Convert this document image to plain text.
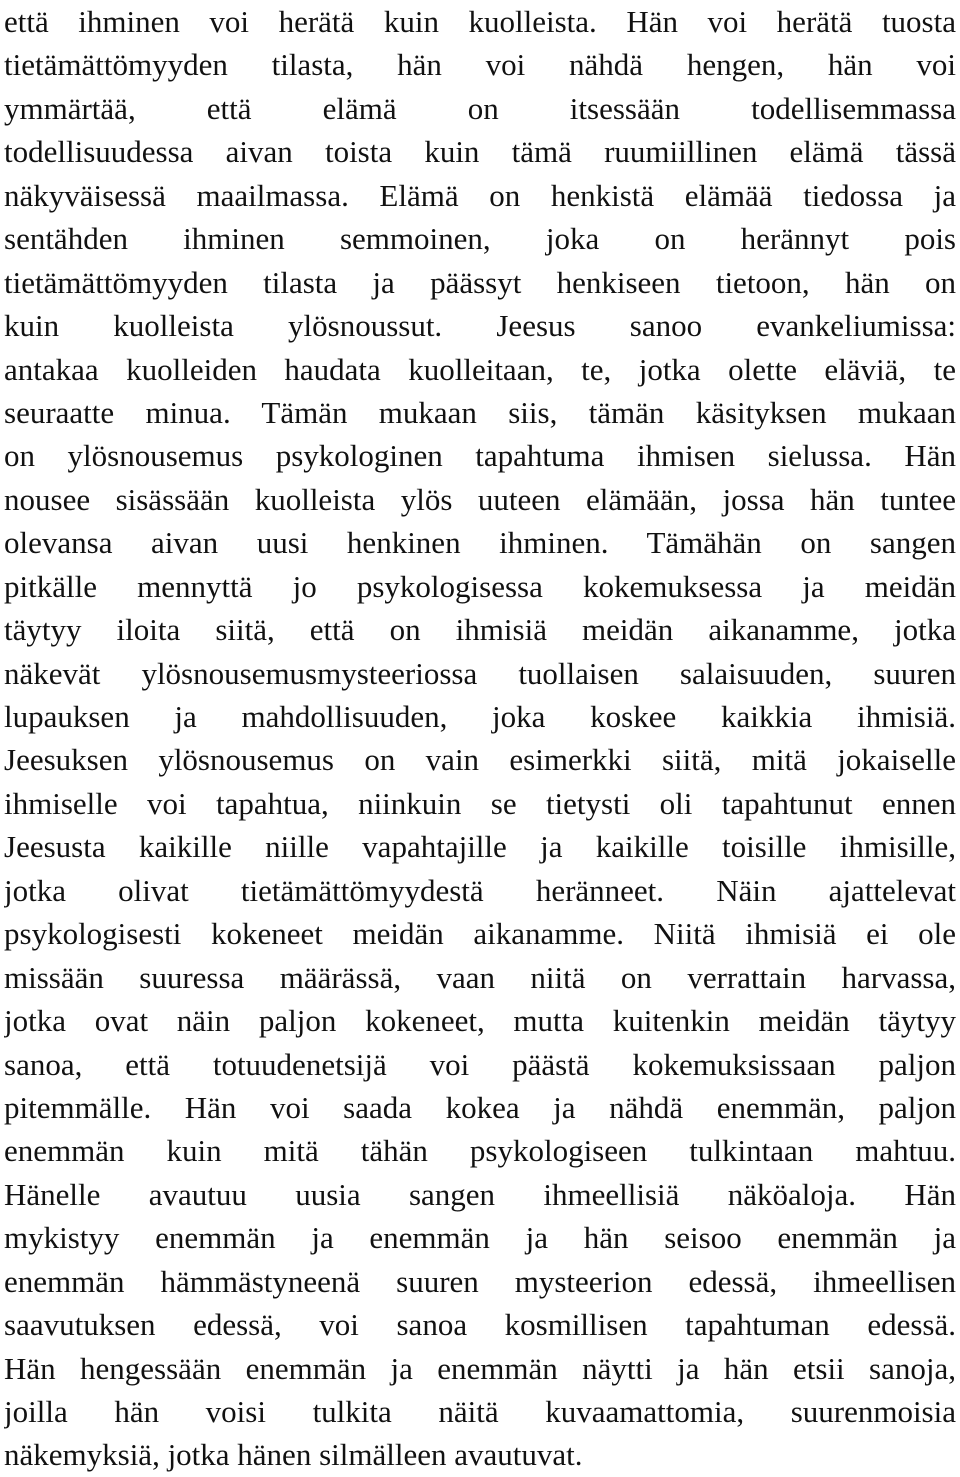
että ihminen voi herätä kuin kuolleista. Hän voi herätä tuosta
tietämättömyyden tilasta, hän voi nähdä hengen, hän voi
ymmärtää, että elämä on itsessään todellisemmassa
todellisuudessa aivan toista kuin tämä ruumiillinen elämä tässä
näkyväisessä maailmassa. Elämä on henkistä elämää tiedossa ja
sentähden ihminen semmoinen, joka on herännyt pois
tietämättömyyden tilasta ja päässyt henkiseen tietoon, hän on
kuin kuolleista ylösnoussut. Jeesus sanoo evankeliumissa:
antakaa kuolleiden haudata kuolleitaan, te, jotka olette eläviä, te
seuraatte minua. Tämän mukaan siis, tämän käsityksen mukaan
on ylösnousemus psykologinen tapahtuma ihmisen sielussa. Hän
nousee sisässään kuolleista ylös uuteen elämään, jossa hän tuntee
olevansa aivan uusi henkinen ihminen. Tämähän on sangen
pitkälle mennyttä jo psykologisessa kokemuksessa ja meidän
täytyy iloita siitä, että on ihmisiä meidän aikanamme, jotka
näkevät ylösnousemusmysteeriossa tuollaisen salaisuuden, suuren
lupauksen ja mahdollisuuden, joka koskee kaikkia ihmisiä.
Jeesuksen ylösnousemus on vain esimerkki siitä, mitä jokaiselle
ihmiselle voi tapahtua, niinkuin se tietysti oli tapahtunut ennen
Jeesusta kaikille niille vapahtajille ja kaikille toisille ihmisille,
jotka olivat tietämättömyydestä heränneet. Näin ajattelevat
psykologisesti kokeneet meidän aikanamme. Niitä ihmisiä ei ole
missään suuressa määrässä, vaan niitä on verrattain harvassa,
jotka ovat näin paljon kokeneet, mutta kuitenkin meidän täytyy
sanoa, että totuudenetsijä voi päästä kokemuksissaan paljon
pitemmälle. Hän voi saada kokea ja nähdä enemmän, paljon
enemmän kuin mitä tähän psykologiseen tulkintaan mahtuu.
Hänelle avautuu uusia sangen ihmeellisiä näköaloja. Hän
mykistyy enemmän ja enemmän ja hän seisoo enemmän ja
enemmän hämmästyneenä suuren mysteerion edessä, ihmeellisen
saavutuksen edessä, voi sanoa kosmillisen tapahtuman edessä.
Hän hengessään enemmän ja enemmän näytti ja hän etsii sanoja,
joilla hän voisi tulkita näitä kuvaamattomia, suurenmoisia
näkemyksiä, jotka hänen silmälleen avautuvat.
